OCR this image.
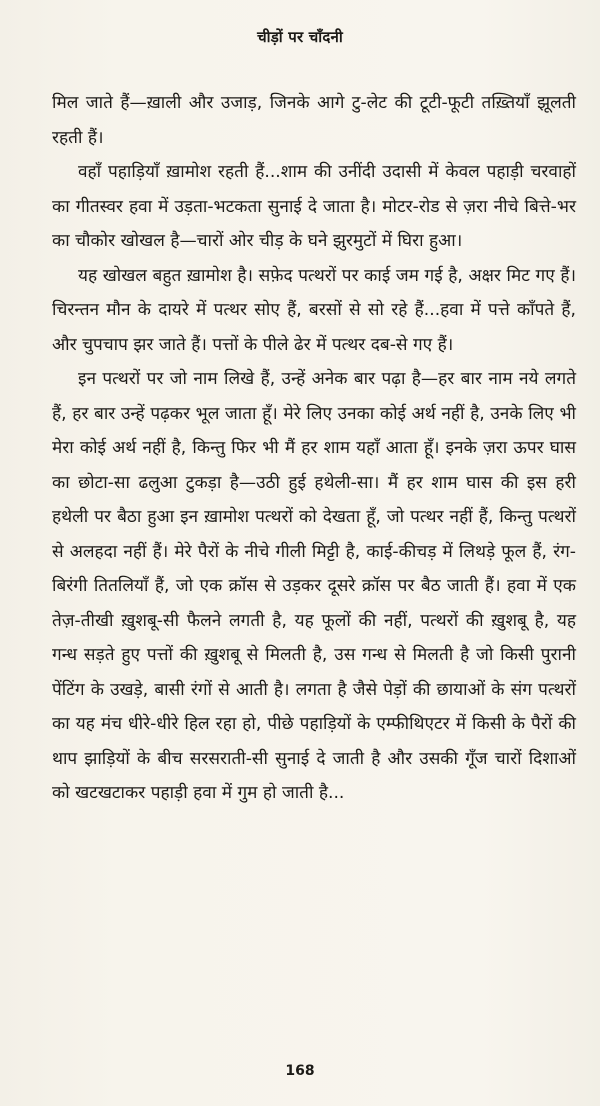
चीड़ों पर चाँदनी

मिल जाते हैं—ख़ाली और उजाड़, जिनके आगे टु-लेट की टूटी-फूटी तख़्तियाँ झूलती रहती हैं।

वहाँ पहाड़ियाँ ख़ामोश रहती हैं...शाम की उनींदी उदासी में केवल पहाड़ी चरवाहों का गीतस्वर हवा में उड़ता-भटकता सुनाई दे जाता है। मोटर-रोड से ज़रा नीचे बित्ते-भर का चौकोर खोखल है—चारों ओर चीड़ के घने झुरमुटों में घिरा हुआ।

यह खोखल बहुत ख़ामोश है। सफ़ेद पत्थरों पर काई जम गई है, अक्षर मिट गए हैं। चिरन्तन मौन के दायरे में पत्थर सोए हैं, बरसों से सो रहे हैं...हवा में पत्ते काँपते हैं, और चुपचाप झर जाते हैं। पत्तों के पीले ढेर में पत्थर दब-से गए हैं।

इन पत्थरों पर जो नाम लिखे हैं, उन्हें अनेक बार पढ़ा है—हर बार नाम नये लगते हैं, हर बार उन्हें पढ़कर भूल जाता हूँ। मेरे लिए उनका कोई अर्थ नहीं है, उनके लिए भी मेरा कोई अर्थ नहीं है, किन्तु फिर भी मैं हर शाम यहाँ आता हूँ। इनके ज़रा ऊपर घास का छोटा-सा ढलुआ टुकड़ा है—उठी हुई हथेली-सा। मैं हर शाम घास की इस हरी हथेली पर बैठा हुआ इन ख़ामोश पत्थरों को देखता हूँ, जो पत्थर नहीं हैं, किन्तु पत्थरों से अलहदा नहीं हैं। मेरे पैरों के नीचे गीली मिट्टी है, काई-कीचड़ में लिथड़े फूल हैं, रंग-बिरंगी तितलियाँ हैं, जो एक क्रॉस से उड़कर दूसरे क्रॉस पर बैठ जाती हैं। हवा में एक तेज़-तीखी ख़ुशबू-सी फैलने लगती है, यह फूलों की नहीं, पत्थरों की ख़ुशबू है, यह गन्ध सड़ते हुए पत्तों की ख़ुशबू से मिलती है, उस गन्ध से मिलती है जो किसी पुरानी पेंटिंग के उखड़े, बासी रंगों से आती है। लगता है जैसे पेड़ों की छायाओं के संग पत्थरों का यह मंच धीरे-धीरे हिल रहा हो, पीछे पहाड़ियों के एम्फीथिएटर में किसी के पैरों की थाप झाड़ियों के बीच सरसराती-सी सुनाई दे जाती है और उसकी गूँज चारों दिशाओं को खटखटाकर पहाड़ी हवा में गुम हो जाती है...

168
